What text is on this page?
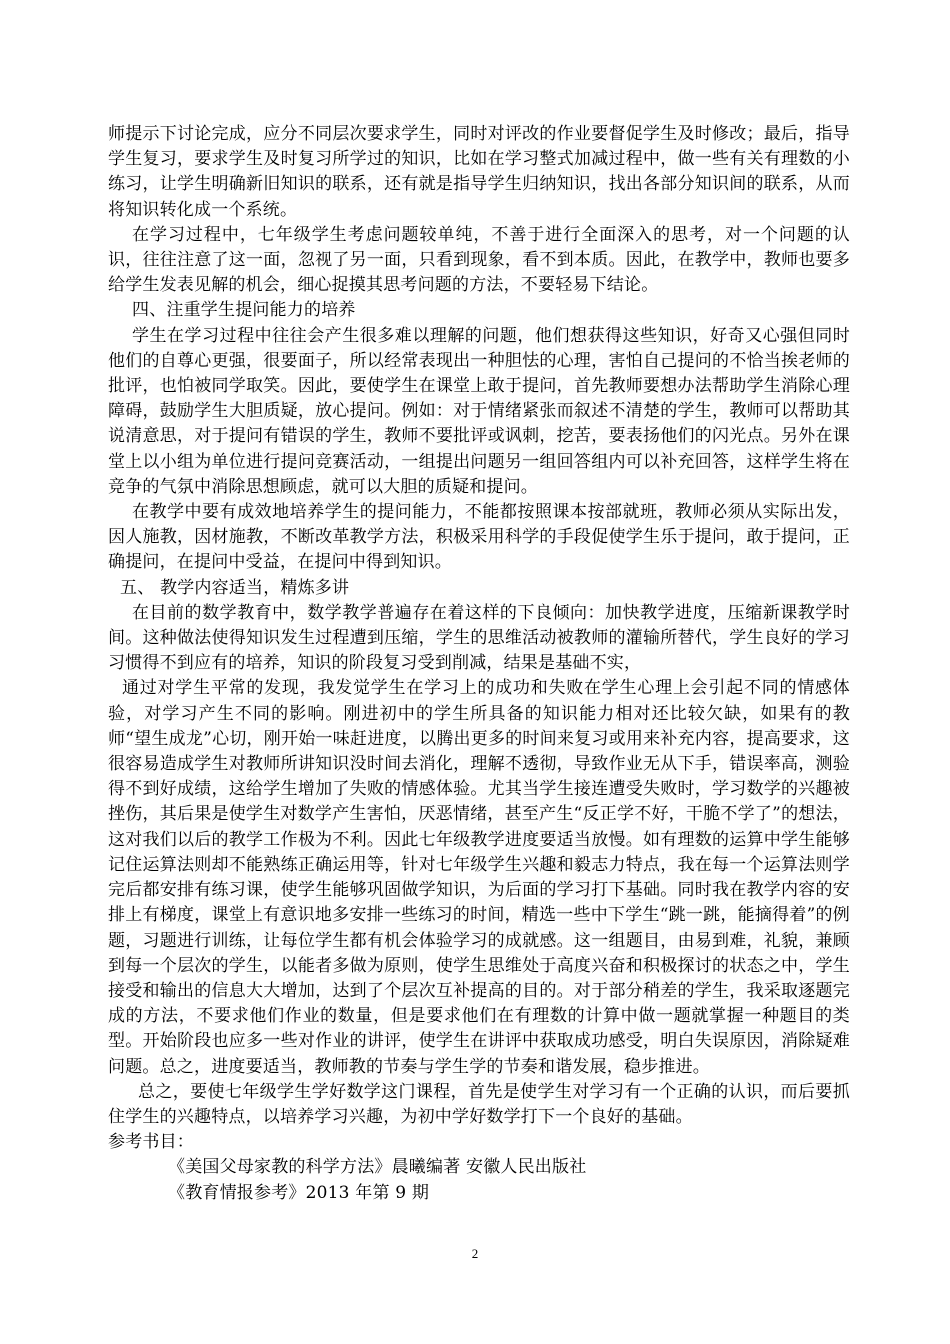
师提示下讨论完成，应分不同层次要求学生，同时对评改的作业要督促学生及时修改；最后，指导学生复习，要求学生及时复习所学过的知识，比如在学习整式加减过程中，做一些有关有理数的小练习，让学生明确新旧知识的联系，还有就是指导学生归纳知识，找出各部分知识间的联系，从而将知识转化成一个系统。

在学习过程中，七年级学生考虑问题较单纯，不善于进行全面深入的思考，对一个问题的认识，往往注意了这一面，忽视了另一面，只看到现象，看不到本质。因此，在教学中，教师也要多给学生发表见解的机会，细心捉摸其思考问题的方法，不要轻易下结论。

四、注重学生提问能力的培养

学生在学习过程中往往会产生很多难以理解的问题，他们想获得这些知识，好奇又心强但同时他们的自尊心更强，很要面子，所以经常表现出一种胆怯的心理，害怕自己提问的不恰当挨老师的批评，也怕被同学取笑。因此，要使学生在课堂上敢于提问，首先教师要想办法帮助学生消除心理障碍，鼓励学生大胆质疑，放心提问。例如：对于情绪紧张而叙述不清楚的学生，教师可以帮助其说清意思，对于提问有错误的学生，教师不要批评或讽刺，挖苦，要表扬他们的闪光点。另外在课堂上以小组为单位进行提问竞赛活动，一组提出问题另一组回答组内可以补充回答，这样学生将在竞争的气氛中消除思想顾虑，就可以大胆的质疑和提问。

在教学中要有成效地培养学生的提问能力，不能都按照课本按部就班，教师必须从实际出发，因人施教，因材施教，不断改革教学方法，积极采用科学的手段促使学生乐于提问，敢于提问，正确提问，在提问中受益，在提问中得到知识。

五、 教学内容适当，精炼多讲

在目前的数学教育中，数学教学普遍存在着这样的下良倾向：加快教学进度，压缩新课教学时间。这种做法使得知识发生过程遭到压缩，学生的思维活动被教师的灌输所替代，学生良好的学习习惯得不到应有的培养，知识的阶段复习受到削减，结果是基础不实，

通过对学生平常的发现，我发觉学生在学习上的成功和失败在学生心理上会引起不同的情感体验，对学习产生不同的影响。刚进初中的学生所具备的知识能力相对还比较欠缺，如果有的教师“望生成龙”心切，刚开始一味赶进度，以腾出更多的时间来复习或用来补充内容，提高要求，这很容易造成学生对教师所讲知识没时间去消化，理解不透彻，导致作业无从下手，错误率高，测验得不到好成绩，这给学生增加了失败的情感体验。尤其当学生接连遭受失败时，学习数学的兴趣被挫伤，其后果是使学生对数学产生害怕，厌恶情绪，甚至产生“反正学不好，干脆不学了”的想法，这对我们以后的教学工作极为不利。因此七年级教学进度要适当放慢。如有理数的运算中学生能够记住运算法则却不能熟练正确运用等，针对七年级学生兴趣和毅志力特点，我在每一个运算法则学完后都安排有练习课，使学生能够巩固做学知识，为后面的学习打下基础。同时我在教学内容的安排上有梯度，课堂上有意识地多安排一些练习的时间，精选一些中下学生“跳一跳，能摘得着”的例题，习题进行训练，让每位学生都有机会体验学习的成就感。这一组题目，由易到难，礼貌，兼顾到每一个层次的学生，以能者多做为原则，使学生思维处于高度兴奋和积极探讨的状态之中，学生接受和输出的信息大大增加，达到了个层次互补提高的目的。对于部分稍差的学生，我采取逐题完成的方法，不要求他们作业的数量，但是要求他们在有理数的计算中做一题就掌握一种题目的类型。开始阶段也应多一些对作业的讲评，使学生在讲评中获取成功感受，明白失误原因，消除疑难问题。总之，进度要适当，教师教的节奏与学生学的节奏和谐发展，稳步推进。

总之，要使七年级学生学好数学这门课程，首先是使学生对学习有一个正确的认识，而后要抓住学生的兴趣特点，以培养学习兴趣，为初中学好数学打下一个良好的基础。

参考书目：

《美国父母家教的科学方法》晨曦编著 安徽人民出版社

《教育情报参考》2013 年第 9 期

2
